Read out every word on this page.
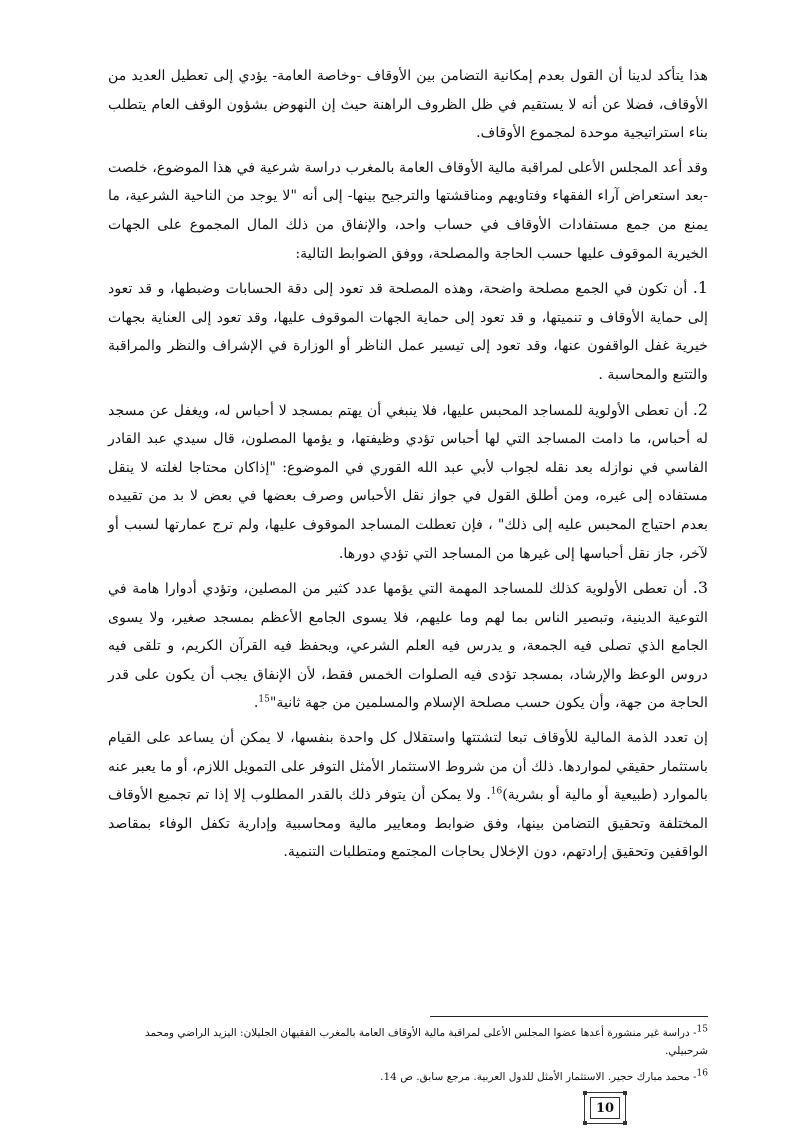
هذا يتأكد لدينا أن القول بعدم إمكانية التضامن بين الأوقاف -وخاصة العامة- يؤدي إلى تعطيل العديد من الأوقاف، فضلا عن أنه لا يستقيم في ظل الظروف الراهنة حيث إن النهوض بشؤون الوقف العام يتطلب بناء استراتيجية موحدة لمجموع الأوقاف.

وقد أعد المجلس الأعلى لمراقبة مالية الأوقاف العامة بالمغرب دراسة شرعية في هذا الموضوع، خلصت -بعد استعراض آراء الفقهاء وفتاويهم ومناقشتها والترجيح بينها- إلى أنه "لا يوجد من الناحية الشرعية، ما يمنع من جمع مستفادات الأوقاف في حساب واحد، والإنفاق من ذلك المال المجموع على الجهات الخيرية الموقوف عليها حسب الحاجة والمصلحة، ووفق الضوابط التالية:

1. أن تكون في الجمع مصلحة واضحة، وهذه المصلحة قد تعود إلى دقة الحسابات وضبطها، و قد تعود إلى حماية الأوقاف و تنميتها، و قد تعود إلى حماية الجهات الموقوف عليها، وقد تعود إلى العناية بجهات خيرية غفل الواقفون عنها، وقد تعود إلى تيسير عمل الناظر أو الوزارة في الإشراف والنظر والمراقبة والتتبع والمحاسبة .

2. أن تعطى الأولوية للمساجد المحبس عليها، فلا ينبغي أن يهتم بمسجد لا أحباس له، ويغفل عن مسجد له أحباس، ما دامت المساجد التي لها أحباس تؤدي وظيفتها، و يؤمها المصلون، قال سيدي عبد القادر الفاسي في نوازله بعد نقله لجواب لأبي عبد الله القوري في الموضوع: "إذاكان محتاجا لغلته لا ينقل مستفاده إلى غيره، ومن أطلق القول في جواز نقل الأحباس وصرف بعضها في بعض لا بد من تقييده بعدم احتياج المحبس عليه إلى ذلك" ، فإن تعطلت المساجد الموقوف عليها، ولم ترج عمارتها لسبب أو لآخر، جاز نقل أحباسها إلى غيرها من المساجد التي تؤدي دورها.

3. أن تعطى الأولوية كذلك للمساجد المهمة التي يؤمها عدد كثير من المصلين، وتؤدي أدوارا هامة في التوعية الدينية، وتبصير الناس بما لهم وما عليهم، فلا يسوى الجامع الأعظم بمسجد صغير، ولا يسوى الجامع الذي تصلى فيه الجمعة، و يدرس فيه العلم الشرعي، ويحفظ فيه القرآن الكريم، و تلقى فيه دروس الوعظ والإرشاد، بمسجد تؤدى فيه الصلوات الخمس فقط، لأن الإنفاق يجب أن يكون على قدر الحاجة من جهة، وأن يكون حسب مصلحة الإسلام والمسلمين من جهة ثانية"$^{15}$.

إن تعدد الذمة المالية للأوقاف تبعا لتشتتها واستقلال كل واحدة بنفسها، لا يمكن أن يساعد على القيام باستثمار حقيقي لمواردها. ذلك أن من شروط الاستثمار الأمثل التوفر على التمويل اللازم، أو ما يعبر عنه بالموارد (طبيعية أو مالية أو بشرية)$^{16}$. ولا يمكن أن يتوفر ذلك بالقدر المطلوب إلا إذا تم تجميع الأوقاف المختلفة وتحقيق التضامن بينها، وفق ضوابط ومعايير مالية ومحاسبية وإدارية تكفل الوفاء بمقاصد الواقفين وتحقيق إرادتهم، دون الإخلال بحاجات المجتمع ومتطلبات التنمية.

$^{15}$- دراسة غير منشورة أعدها عضوا المجلس الأعلى لمراقبة مالية الأوقاف العامة بالمغرب الفقيهان الجليلان: اليزيد الراضي ومحمد شرحبيلي.

$^{16}$- محمد مبارك حجير. الاستثمار الأمثل للدول العربية. مرجع سابق. ص 14.

10
